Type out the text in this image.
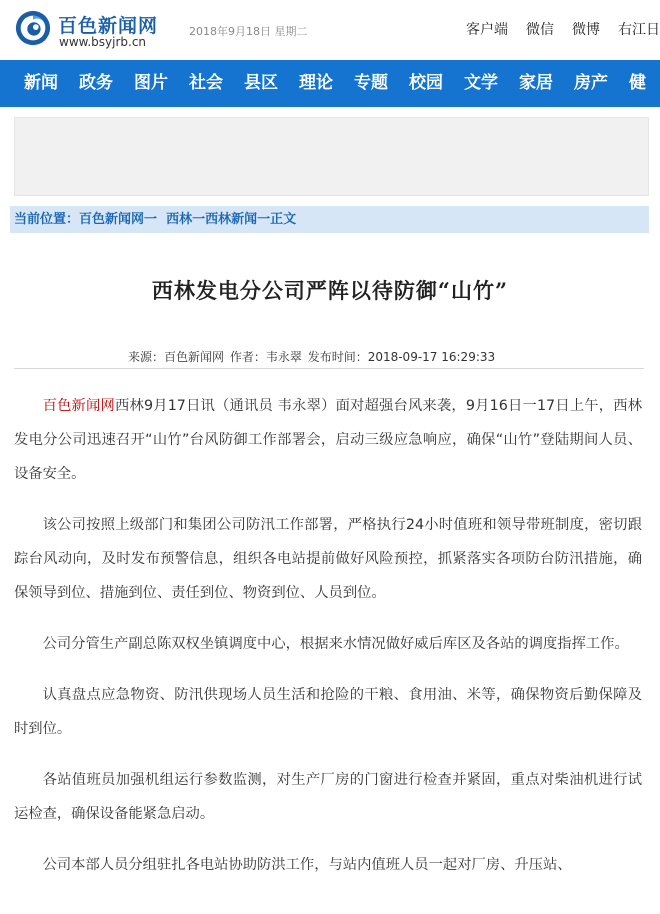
百色新闻网
www.bsyjrb.cn
2018年9月18日 星期二	客户端 微信 微博 右江日
新闻 政务 图片 社会 县区 理论 专题 校园 文学 家居 房产 健
当前位置：百色新闻网一 西林一西林新闻一正文
西林发电分公司严阵以待防御“山竹”
来源：百色新闻网 作者：韦永翠 发布时间：2018-09-17 16:29:33

百色新闻网西林9月17日讯（通讯员 韦永翠）面对超强台风来袭，9月16日一17日上午，西林发电分公司迅速召开“山竹”台风防御工作部署会，启动三级应急响应，确保“山竹”登陆期间人员、设备安全。

该公司按照上级部门和集团公司防汛工作部署，严格执行24小时值班和领导带班制度，密切跟踪台风动向，及时发布预警信息，组织各电站提前做好风险预控，抓紧落实各项防台防汛措施，确保领导到位、措施到位、责任到位、物资到位、人员到位。

公司分管生产副总陈双权坐镇调度中心，根据来水情况做好威后库区及各站的调度指挥工作。

认真盘点应急物资、防汛供现场人员生活和抢险的干粮、食用油、米等，确保物资后勤保障及时到位。

各站值班员加强机组运行参数监测，对生产厂房的门窗进行检查并紧固，重点对柴油机进行试运检查，确保设备能紧急启动。

公司本部人员分组驻扎各电站协助防洪工作，与站内值班人员一起对厂房、升压站、
